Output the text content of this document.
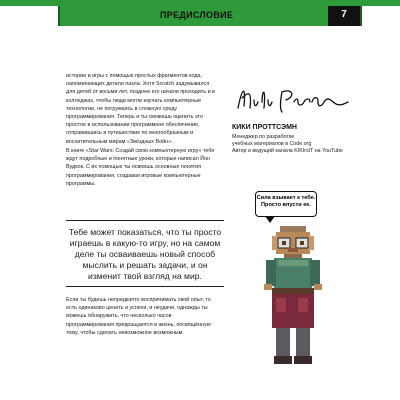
ПРЕДИСЛОВИЕ	7
истории и игры с помощью простых фрагментов кода, напоминающих детали пазла. Хотя Scratch задумывался для детей от восьми лет, позднее его начали проходить и в колледжах, чтобы люди могли изучать компьютерные технологии, не погружаясь в сложную среду программирования. Теперь и ты сможешь оценить это простое в использовании программное обеспечение, отправившись в путешествие по многообразным и восхитительным мирам «Звёздных Войн».
В книге «Star Wars: Создай свою компьютерную игру» тебя ждут подробные и понятные уроки, которые написал Йон Вудкок. С их помощью ты освоишь основные понятия программирования, создавая игровые компьютерные программы.
Тебе может показаться, что ты просто играешь в какую-то игру, но на самом деле ты осваиваешь новый способ мыслить и решать задачи, и он изменит твой взгляд на мир.
Если ты будешь непредвзято воспринимать свой опыт, то есть одинаково ценить и успехи, и неудачи, однажды ты можешь обнаружить, что несколько часов программирования превращаются в жизнь, посвящённую тому, чтобы сделать невозможное возможным.
КИКИ ПРОТТСЭМН
Менеджер по разработке
учебных материалов в Code.org
Автор и ведущий канала KIKIrsIT на YouTube
Сила взывает к тебе. Просто впусти ее.
